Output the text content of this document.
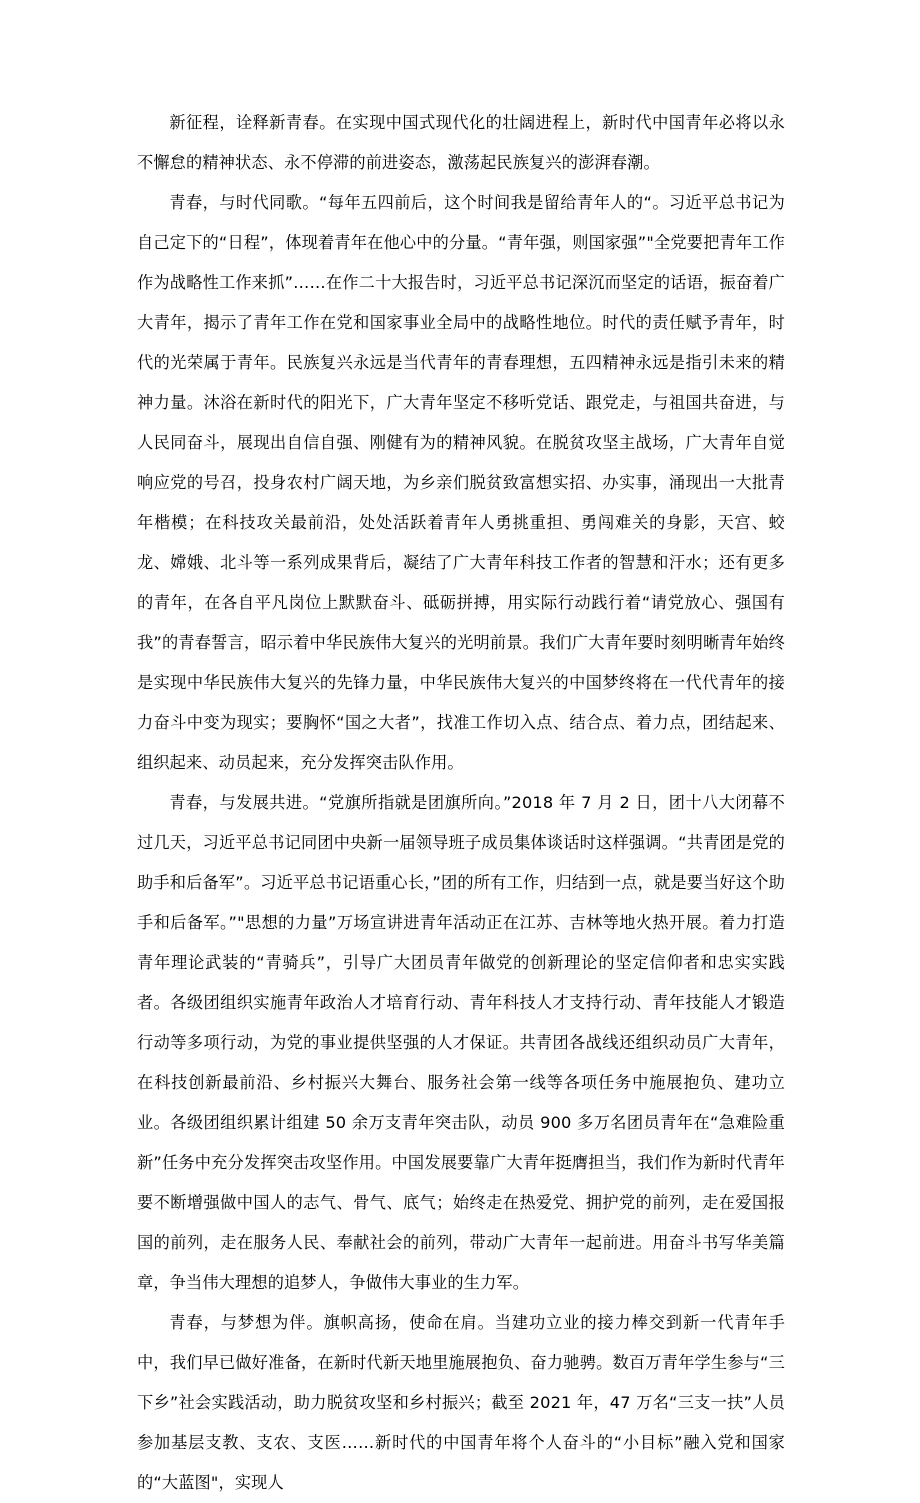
新征程，诠释新青春。在实现中国式现代化的壮阔进程上，新时代中国青年必将以永不懈怠的精神状态、永不停滞的前进姿态，激荡起民族复兴的澎湃春潮。

青春，与时代同歌。“每年五四前后，这个时间我是留给青年人的“。习近平总书记为自己定下的“日程”，体现着青年在他心中的分量。“青年强，则国家强”"全党要把青年工作作为战略性工作来抓”……在作二十大报告时，习近平总书记深沉而坚定的话语，振奋着广大青年，揭示了青年工作在党和国家事业全局中的战略性地位。时代的责任赋予青年，时代的光荣属于青年。民族复兴永远是当代青年的青春理想，五四精神永远是指引未来的精神力量。沐浴在新时代的阳光下，广大青年坚定不移听党话、跟党走，与祖国共奋进，与人民同奋斗，展现出自信自强、刚健有为的精神风貌。在脱贫攻坚主战场，广大青年自觉响应党的号召，投身农村广阔天地，为乡亲们脱贫致富想实招、办实事，涌现出一大批青年楷模；在科技攻关最前沿，处处活跃着青年人勇挑重担、勇闯难关的身影，天宫、蛟龙、嫦娥、北斗等一系列成果背后，凝结了广大青年科技工作者的智慧和汗水；还有更多的青年，在各自平凡岗位上默默奋斗、砥砺拼搏，用实际行动践行着“请党放心、强国有我”的青春誓言，昭示着中华民族伟大复兴的光明前景。我们广大青年要时刻明晰青年始终是实现中华民族伟大复兴的先锋力量，中华民族伟大复兴的中国梦终将在一代代青年的接力奋斗中变为现实；要胸怀“国之大者”，找准工作切入点、结合点、着力点，团结起来、组织起来、动员起来，充分发挥突击队作用。

青春，与发展共进。“党旗所指就是团旗所向。”2018 年 7 月 2 日，团十八大闭幕不过几天，习近平总书记同团中央新一届领导班子成员集体谈话时这样强调。“共青团是党的助手和后备军”。习近平总书记语重心长，”团的所有工作，归结到一点，就是要当好这个助手和后备军。”"思想的力量”万场宣讲进青年活动正在江苏、吉林等地火热开展。着力打造青年理论武装的“青骑兵”，引导广大团员青年做党的创新理论的坚定信仰者和忠实实践者。各级团组织实施青年政治人才培育行动、青年科技人才支持行动、青年技能人才锻造行动等多项行动，为党的事业提供坚强的人才保证。共青团各战线还组织动员广大青年，在科技创新最前沿、乡村振兴大舞台、服务社会第一线等各项任务中施展抱负、建功立业。各级团组织累计组建 50 余万支青年突击队，动员 900 多万名团员青年在“急难险重新”任务中充分发挥突击攻坚作用。中国发展要靠广大青年挺膺担当，我们作为新时代青年要不断增强做中国人的志气、骨气、底气；始终走在热爱党、拥护党的前列，走在爱国报国的前列，走在服务人民、奉献社会的前列，带动广大青年一起前进。用奋斗书写华美篇章，争当伟大理想的追梦人，争做伟大事业的生力军。

青春，与梦想为伴。旗帜高扬，使命在肩。当建功立业的接力棒交到新一代青年手中，我们早已做好准备，在新时代新天地里施展抱负、奋力驰骋。数百万青年学生参与“三下乡”社会实践活动，助力脱贫攻坚和乡村振兴；截至 2021 年，47 万名“三支一扶”人员参加基层支教、支农、支医……新时代的中国青年将个人奋斗的“小目标”融入党和国家的“大蓝图"，实现人
